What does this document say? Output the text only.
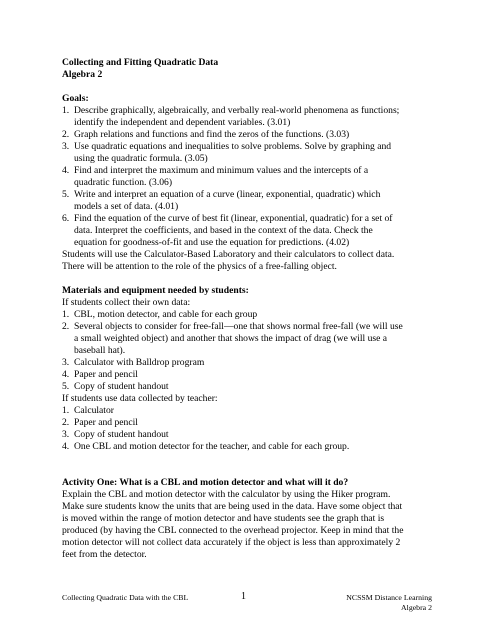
Collecting and Fitting Quadratic Data

Algebra 2

Goals:

1. Describe graphically, algebraically, and verbally real-world phenomena as functions;
identify the independent and dependent variables. (3.01)
2. Graph relations and functions and find the zeros of the functions. (3.03)
3. Use quadratic equations and inequalities to solve problems. Solve by graphing and
using the quadratic formula. (3.05)
4. Find and interpret the maximum and minimum values and the intercepts of a
quadratic function. (3.06)
5. Write and interpret an equation of a curve (linear, exponential, quadratic) which
models a set of data. (4.01)
6. Find the equation of the curve of best fit (linear, exponential, quadratic) for a set of
data. Interpret the coefficients, and based in the context of the data. Check the
equation for goodness-of-fit and use the equation for predictions. (4.02)

Students will use the Calculator-Based Laboratory and their calculators to collect data.

There will be attention to the role of the physics of a free-falling object.

Materials and equipment needed by students:

If students collect their own data:

1. CBL, motion detector, and cable for each group
2. Several objects to consider for free-fall—one that shows normal free-fall (we will use
a small weighted object) and another that shows the impact of drag (we will use a
baseball hat).
3. Calculator with Balldrop program
4. Paper and pencil
5. Copy of student handout

If students use data collected by teacher:

1. Calculator
2. Paper and pencil
3. Copy of student handout
4. One CBL and motion detector for the teacher, and cable for each group.

Activity One: What is a CBL and motion detector and what will it do?

Explain the CBL and motion detector with the calculator by using the Hiker program.
Make sure students know the units that are being used in the data. Have some object that
is moved within the range of motion detector and have students see the graph that is
produced (by having the CBL connected to the overhead projector. Keep in mind that the
motion detector will not collect data accurately if the object is less than approximately 2
feet from the detector.
Collecting Quadratic Data with the CBL	1	NCSSM Distance Learning
Algebra 2
